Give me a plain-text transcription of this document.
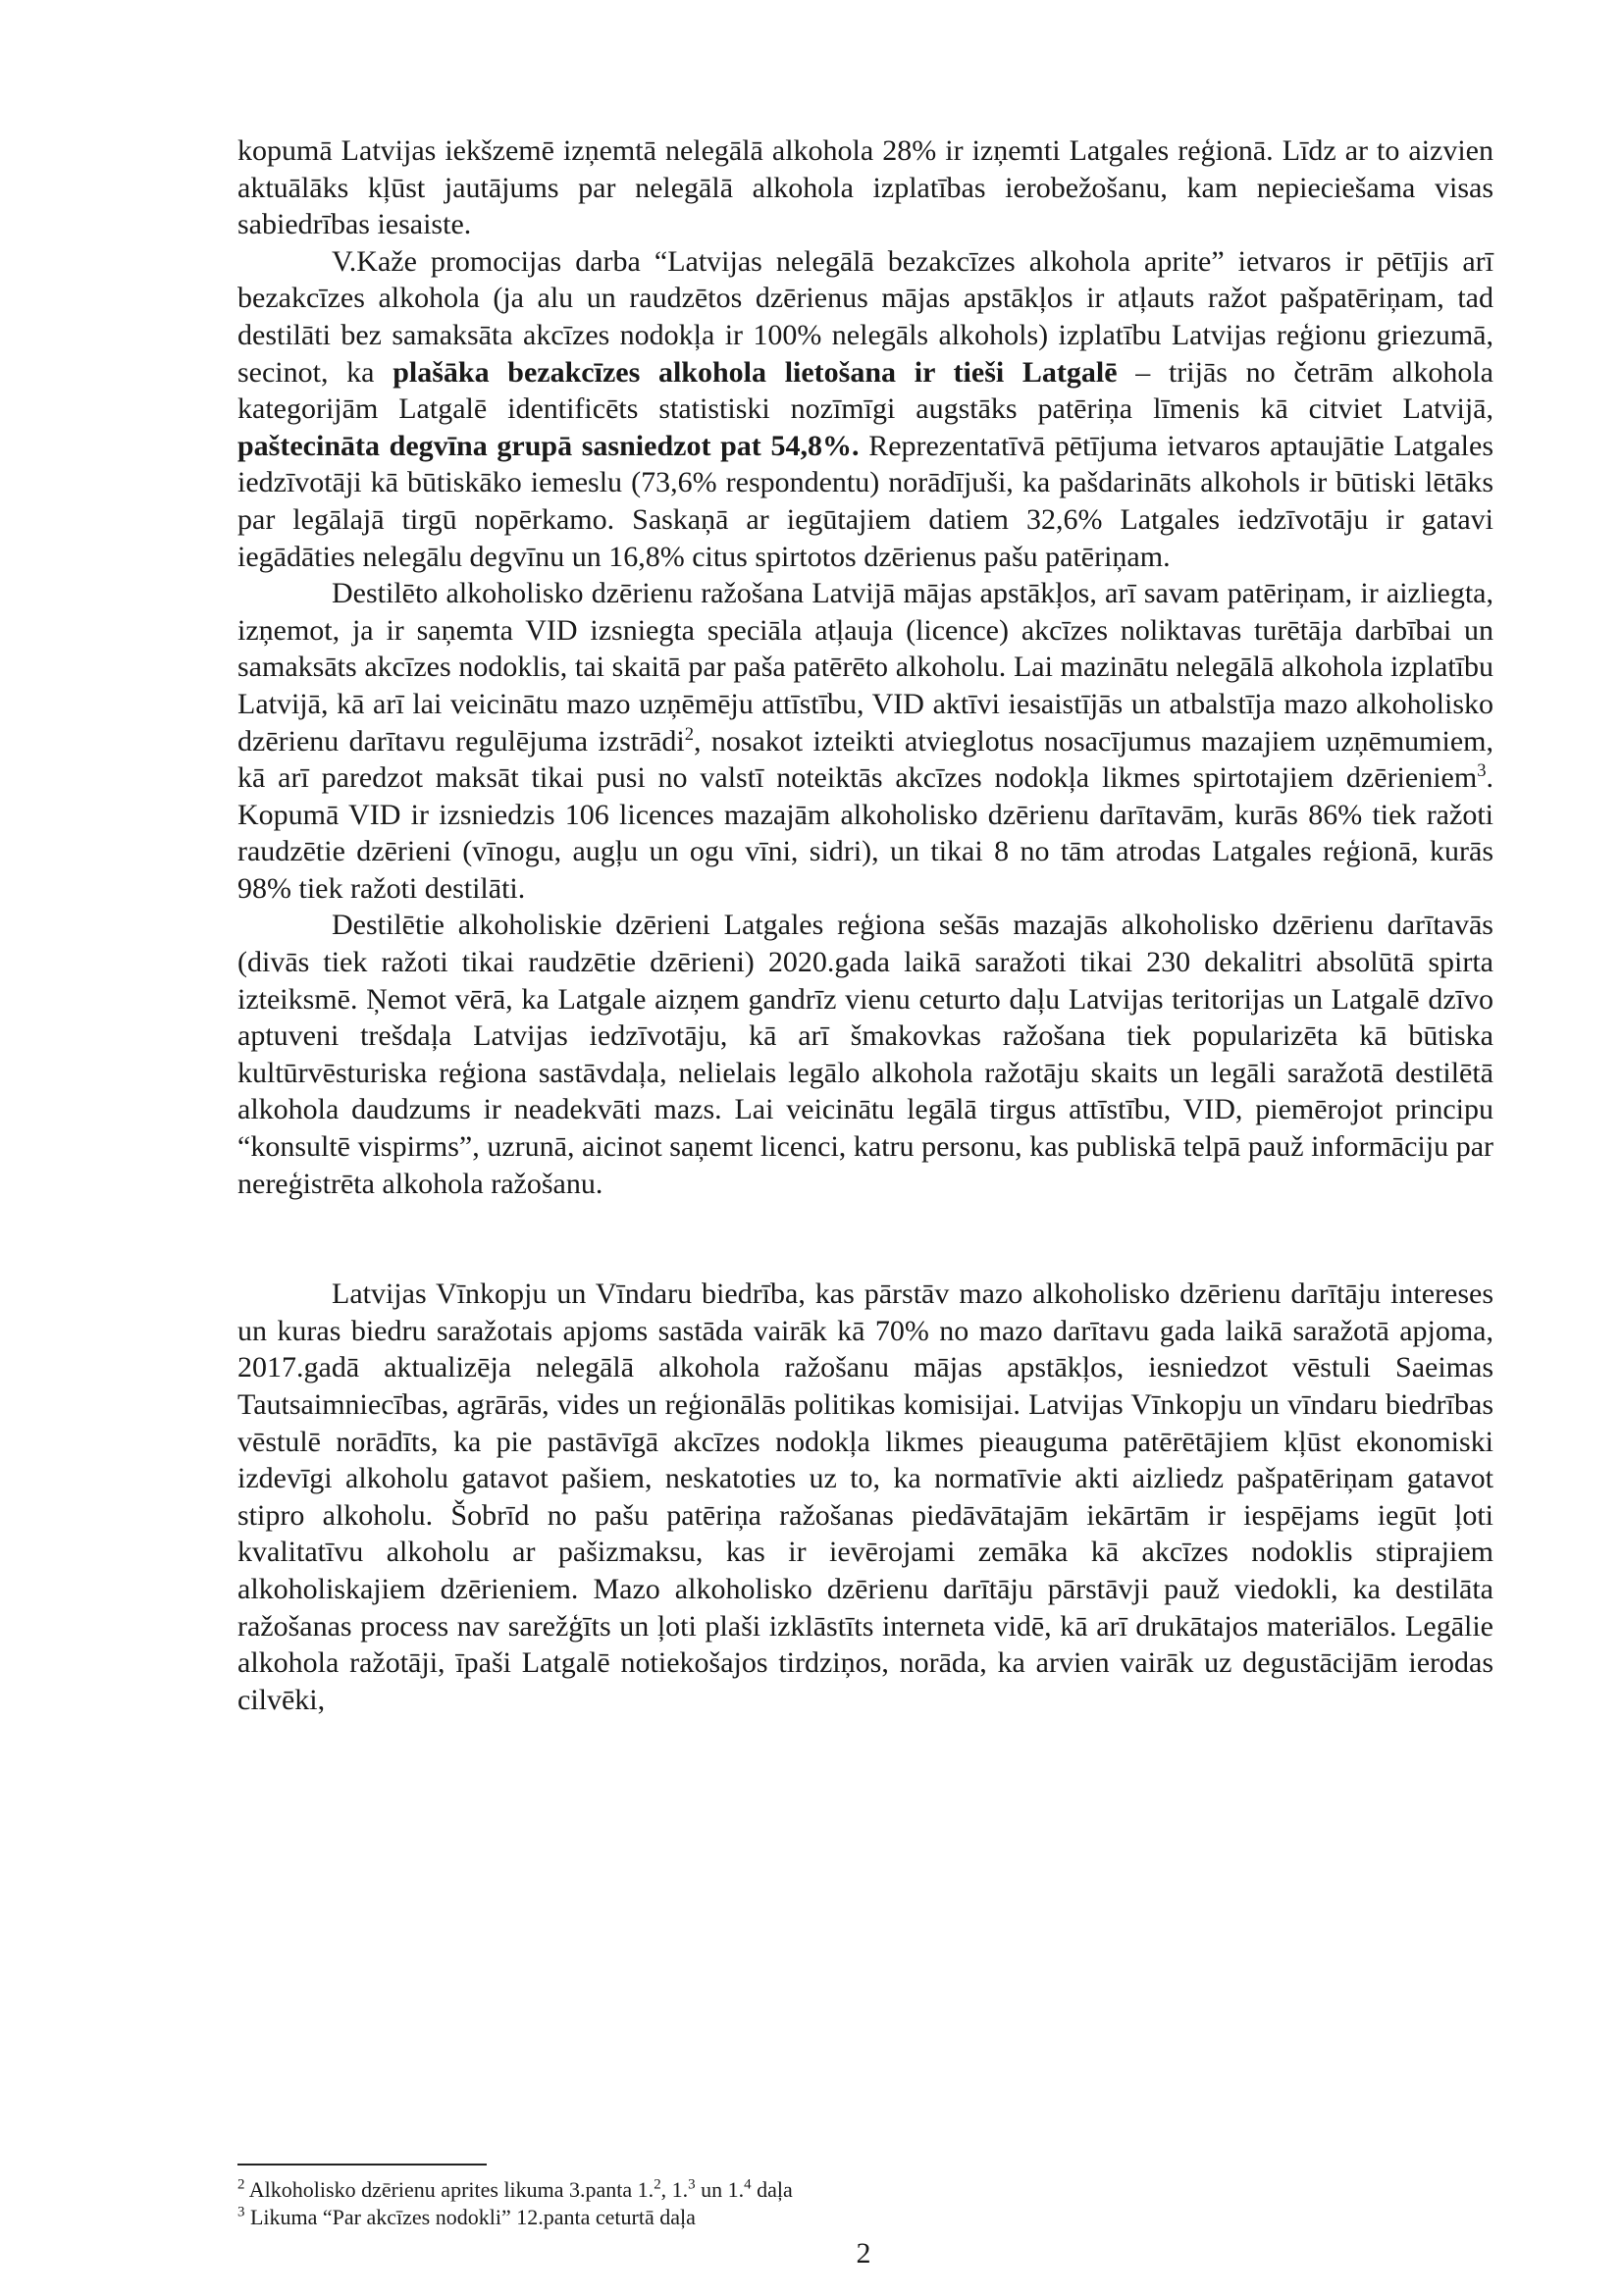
kopumā Latvijas iekšzemē izņemtā nelegālā alkohola 28% ir izņemti Latgales reģionā. Līdz ar to aizvien aktuālāks kļūst jautājums par nelegālā alkohola izplatības ierobežošanu, kam nepieciešama visas sabiedrības iesaiste.

V.Kaže promocijas darba “Latvijas nelegālā bezakcīzes alkohola aprite” ietvaros ir pētījis arī bezakcīzes alkohola (ja alu un raudzētos dzērienus mājas apstākļos ir atļauts ražot pašpatēriņam, tad destilāti bez samaksāta akcīzes nodokļa ir 100% nelegāls alkohols) izplatību Latvijas reģionu griezumā, secinot, ka plašāka bezakcīzes alkohola lietošana ir tieši Latgalē – trijās no četrām alkohola kategorijām Latgalē identificēts statistiski nozīmīgi augstāks patēriņa līmenis kā citviet Latvijā, paštecināta degvīna grupā sasniedzot pat 54,8%. Reprezentatīvā pētījuma ietvaros aptaujātie Latgales iedzīvotāji kā būtiskāko iemeslu (73,6% respondentu) norādījuši, ka pašdarināts alkohols ir būtiski lētāks par legālajā tirgū nopērkamo. Saskaņā ar iegūtajiem datiem 32,6% Latgales iedzīvotāju ir gatavi iegādāties nelegālu degvīnu un 16,8% citus spirtotos dzērienus pašu patēriņam.

Destilēto alkoholisko dzērienu ražošana Latvijā mājas apstākļos, arī savam patēriņam, ir aizliegta, izņemot, ja ir saņemta VID izsniegta speciāla atļauja (licence) akcīzes noliktavas turētāja darbībai un samaksāts akcīzes nodoklis, tai skaitā par paša patērēto alkoholu. Lai mazinātu nelegālā alkohola izplatību Latvijā, kā arī lai veicinātu mazo uzņēmēju attīstību, VID aktīvi iesaistījās un atbalstīja mazo alkoholisko dzērienu darītavu regulējuma izstrādi$^2$, nosakot izteikti atvieglotus nosacījumus mazajiem uzņēmumiem, kā arī paredzot maksāt tikai pusi no valstī noteiktās akcīzes nodokļa likmes spirtotajiem dzērieniem$^3$. Kopumā VID ir izsniedzis 106 licences mazajām alkoholisko dzērienu darītavām, kurās 86% tiek ražoti raudzētie dzērieni (vīnogu, augļu un ogu vīni, sidri), un tikai 8 no tām atrodas Latgales reģionā, kurās 98% tiek ražoti destilāti.

Destilētie alkoholiskie dzērieni Latgales reģiona sešās mazajās alkoholisko dzērienu darītavās (divās tiek ražoti tikai raudzētie dzērieni) 2020.gada laikā saražoti tikai 230 dekalitri absolūtā spirta izteiksmē. Ņemot vērā, ka Latgale aizņem gandrīz vienu ceturto daļu Latvijas teritorijas un Latgalē dzīvo aptuveni trešdaļa Latvijas iedzīvotāju, kā arī šmakovkas ražošana tiek popularizēta kā būtiska kultūrvēsturiska reģiona sastāvdaļa, nelielais legālo alkohola ražotāju skaits un legāli saražotā destilētā alkohola daudzums ir neadekvāti mazs. Lai veicinātu legālā tirgus attīstību, VID, piemērojot principu “konsultē vispirms”, uzrunā, aicinot saņemt licenci, katru personu, kas publiskā telpā pauž informāciju par nereģistrēta alkohola ražošanu.

Latvijas Vīnkopju un Vīndaru biedrība, kas pārstāv mazo alkoholisko dzērienu darītāju intereses un kuras biedru saražotais apjoms sastāda vairāk kā 70% no mazo darītavu gada laikā saražotā apjoma, 2017.gadā aktualizēja nelegālā alkohola ražošanu mājas apstākļos, iesniedzot vēstuli Saeimas Tautsaimniecības, agrārās, vides un reģionālās politikas komisijai. Latvijas Vīnkopju un vīndaru biedrības vēstulē norādīts, ka pie pastāvīgā akcīzes nodokļa likmes pieauguma patērētājiem kļūst ekonomiski izdevīgi alkoholu gatavot pašiem, neskatoties uz to, ka normatīvie akti aizliedz pašpatēriņam gatavot stipro alkoholu. Šobrīd no pašu patēriņa ražošanas piedāvātajām iekārtām ir iespējams iegūt ļoti kvalitatīvu alkoholu ar pašizmaksu, kas ir ievērojami zemāka kā akcīzes nodoklis stiprajiem alkoholiskajiem dzērieniem. Mazo alkoholisko dzērienu darītāju pārstāvji pauž viedokli, ka destilāta ražošanas process nav sarežģīts un ļoti plaši izklāstīts interneta vidē, kā arī drukātajos materiālos. Legālie alkohola ražotāji, īpaši Latgalē notiekošajos tirdziņos, norāda, ka arvien vairāk uz degustācijām ierodas cilvēki,

$^2$ Alkoholisko dzērienu aprites likuma 3.panta 1.$^2$, 1.$^3$ un 1.$^4$ daļa

$^3$ Likuma “Par akcīzes nodokli” 12.panta ceturtā daļa

2
